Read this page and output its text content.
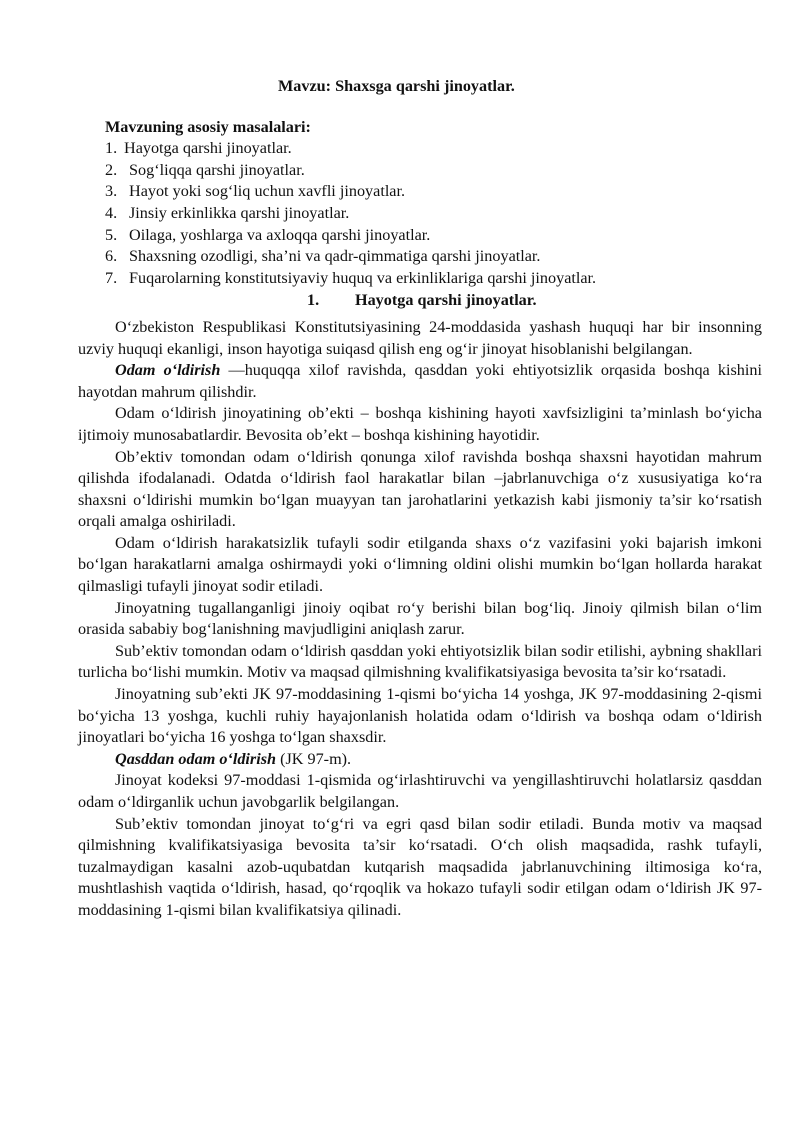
Mavzu: Shaxsga qarshi jinoyatlar.
Mavzuning asosiy masalalari:
1. Hayotga qarshi jinoyatlar.
2. Sog‘liqqa qarshi jinoyatlar.
3. Hayot yoki sog‘liq uchun xavfli jinoyatlar.
4. Jinsiy erkinlikka qarshi jinoyatlar.
5. Oilaga, yoshlarga va axloqqa qarshi jinoyatlar.
6. Shaxsning ozodligi, sha’ni va qadr-qimmatiga qarshi jinoyatlar.
7. Fuqarolarning konstitutsiyaviy huquq va erkinliklariga qarshi jinoyatlar.
1. Hayotga qarshi jinoyatlar.

O‘zbekiston Respublikasi Konstitutsiyasining 24-moddasida yashash huquqi har bir insonning uzviy huquqi ekanligi, inson hayotiga suiqasd qilish eng og‘ir jinoyat hisoblanishi belgilangan.

Odam o‘ldirish —huquqqa xilof ravishda, qasddan yoki ehtiyotsizlik orqasida boshqa kishini hayotdan mahrum qilishdir.

Odam o‘ldirish jinoyatining ob’ekti – boshqa kishining hayoti xavfsizligini ta’minlash bo‘yicha ijtimoiy munosabatlardir. Bevosita ob’ekt – boshqa kishining hayotidir.

Ob’ektiv tomondan odam o‘ldirish qonunga xilof ravishda boshqa shaxsni hayotidan mahrum qilishda ifodalanadi. Odatda o‘ldirish faol harakatlar bilan –jabrlanuvchiga o‘z xususiyatiga ko‘ra shaxsni o‘ldirishi mumkin bo‘lgan muayyan tan jarohatlarini yetkazish kabi jismoniy ta’sir ko‘rsatish orqali amalga oshiriladi.

Odam o‘ldirish harakatsizlik tufayli sodir etilganda shaxs o‘z vazifasini yoki bajarish imkoni bo‘lgan harakatlarni amalga oshirmaydi yoki o‘limning oldini olishi mumkin bo‘lgan hollarda harakat qilmasligi tufayli jinoyat sodir etiladi.

Jinoyatning tugallanganligi jinoiy oqibat ro‘y berishi bilan bog‘liq. Jinoiy qilmish bilan o‘lim orasida sababiy bog‘lanishning mavjudligini aniqlash zarur.

Sub’ektiv tomondan odam o‘ldirish qasddan yoki ehtiyotsizlik bilan sodir etilishi, aybning shakllari turlicha bo‘lishi mumkin. Motiv va maqsad qilmishning kvalifikatsiyasiga bevosita ta’sir ko‘rsatadi.

Jinoyatning sub’ekti JK 97-moddasining 1-qismi bo‘yicha 14 yoshga, JK 97-moddasining 2-qismi bo‘yicha 13 yoshga, kuchli ruhiy hayajonlanish holatida odam o‘ldirish va boshqa odam o‘ldirish jinoyatlari bo‘yicha 16 yoshga to‘lgan shaxsdir.

Qasddan odam o‘ldirish (JK 97-m).

Jinoyat kodeksi 97-moddasi 1-qismida og‘irlashtiruvchi va yengillashtiruvchi holatlarsiz qasddan odam o‘ldirganlik uchun javobgarlik belgilangan.

Sub’ektiv tomondan jinoyat to‘g‘ri va egri qasd bilan sodir etiladi. Bunda motiv va maqsad qilmishning kvalifikatsiyasiga bevosita ta’sir ko‘rsatadi. O‘ch olish maqsadida, rashk tufayli, tuzalmaydigan kasalni azob-uqubatdan kutqarish maqsadida jabrlanuvchining iltimosiga ko‘ra, mushtlashish vaqtida o‘ldirish, hasad, qo‘rqoqlik va hokazo tufayli sodir etilgan odam o‘ldirish JK 97-moddasining 1-qismi bilan kvalifikatsiya qilinadi.
